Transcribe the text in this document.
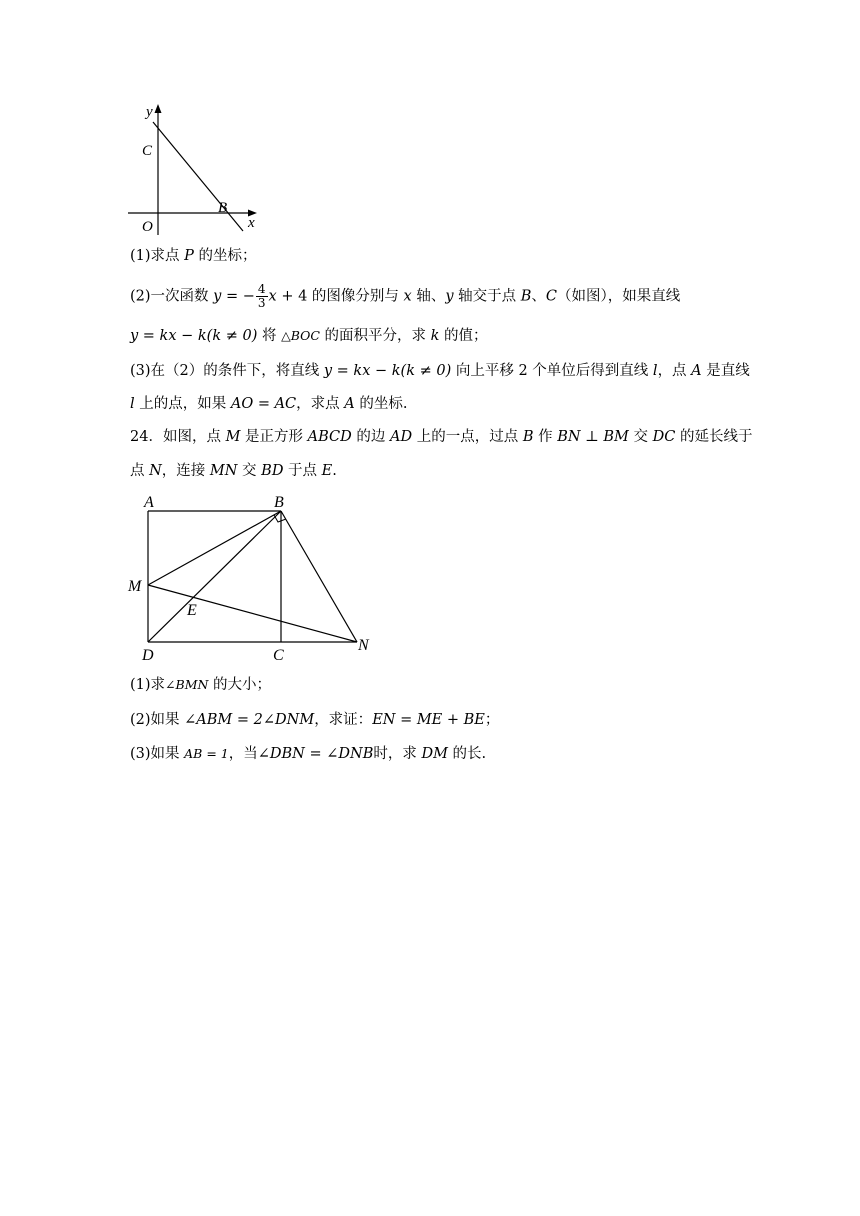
y
C
O
B
x
(1)求点 P 的坐标；
(2)一次函数 y = − $\frac{4}{3}$ x + 4 的图像分别与 x 轴、y 轴交于点 B、C（如图），如果直线
y = kx − k(k ≠ 0) 将 △BOC 的面积平分，求 k 的值；
(3)在（2）的条件下，将直线 y = kx − k(k ≠ 0) 向上平移 2 个单位后得到直线 l，点 A 是直线
l 上的点，如果 AO = AC，求点 A 的坐标.
24．如图，点 M 是正方形 ABCD 的边 AD 上的一点，过点 B 作 BN ⊥ BM 交 DC 的延长线于
点 N，连接 MN 交 BD 于点 E.
A	B
M
E
D	C
N
(1)求∠BMN 的大小；
(2)如果 ∠ABM = 2∠DNM，求证：EN = ME + BE；
(3)如果 AB = 1，当∠DBN = ∠DNB时，求 DM 的长.
